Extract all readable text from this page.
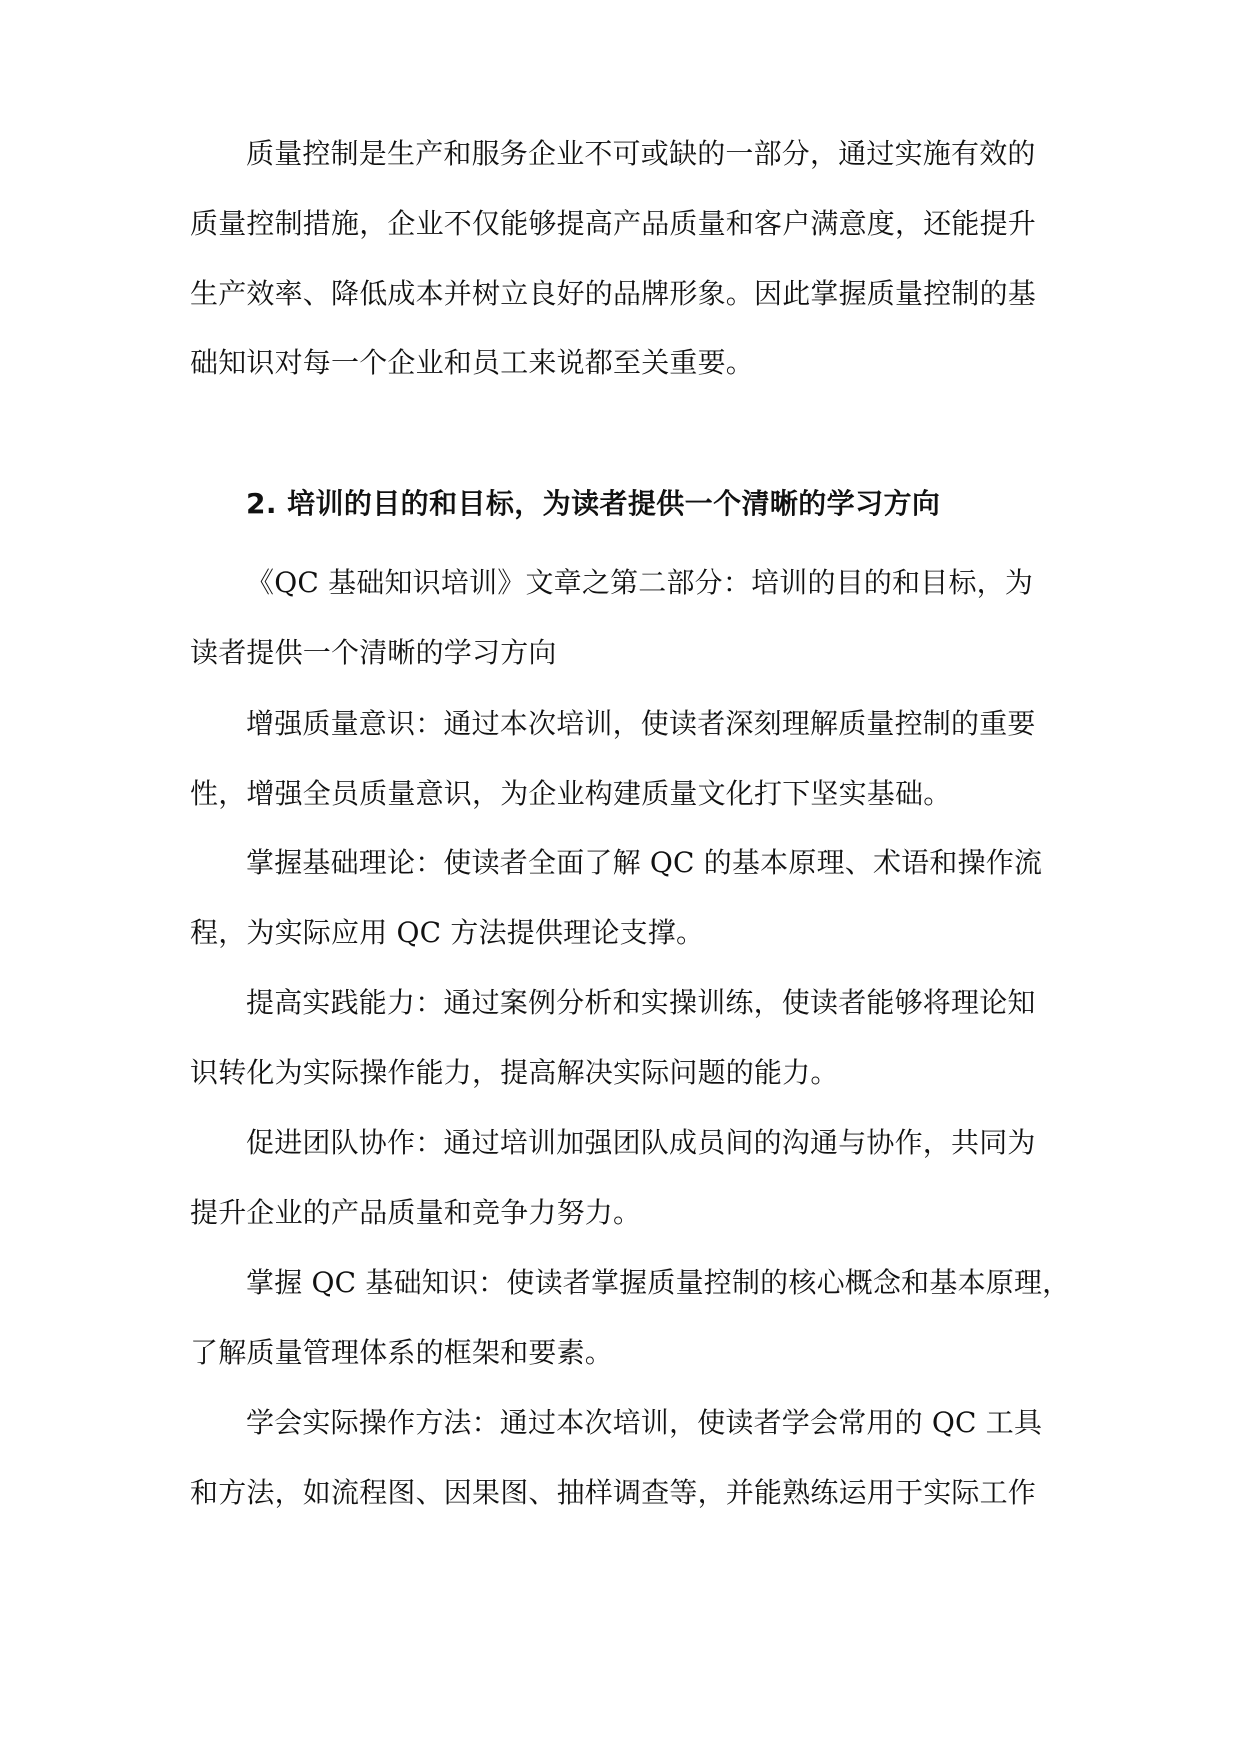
质量控制是生产和服务企业不可或缺的一部分，通过实施有效的
质量控制措施，企业不仅能够提高产品质量和客户满意度，还能提升
生产效率、降低成本并树立良好的品牌形象。因此掌握质量控制的基
础知识对每一个企业和员工来说都至关重要。
2. 培训的目的和目标，为读者提供一个清晰的学习方向
《QC 基础知识培训》文章之第二部分：培训的目的和目标，为
读者提供一个清晰的学习方向
增强质量意识：通过本次培训，使读者深刻理解质量控制的重要
性，增强全员质量意识，为企业构建质量文化打下坚实基础。
掌握基础理论：使读者全面了解 QC 的基本原理、术语和操作流
程，为实际应用 QC 方法提供理论支撑。
提高实践能力：通过案例分析和实操训练，使读者能够将理论知
识转化为实际操作能力，提高解决实际问题的能力。
促进团队协作：通过培训加强团队成员间的沟通与协作，共同为
提升企业的产品质量和竞争力努力。
掌握 QC 基础知识：使读者掌握质量控制的核心概念和基本原理，
了解质量管理体系的框架和要素。
学会实际操作方法：通过本次培训，使读者学会常用的 QC 工具
和方法，如流程图、因果图、抽样调查等，并能熟练运用于实际工作
